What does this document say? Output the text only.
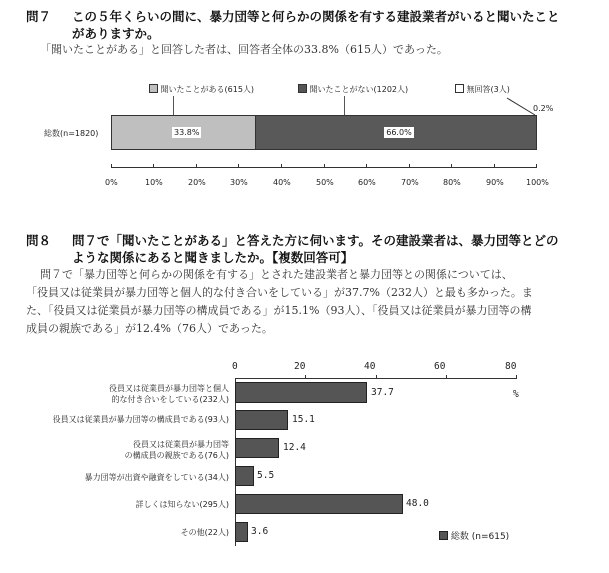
問７ この５年くらいの間に、暴力団等と何らかの関係を有する建設業者がいると聞いたこと
がありますか。
「聞いたことがある」と回答した者は、回答者全体の33.8%（615人）であった。
聞いたことがある(615人)	聞いたことがない(1202人)	無回答(3人)
0.2%
総数(n=1820)	33.8%	66.0%
0%	10%	20%	30%	40%	50%	60%	70%	80%	90%	100%
問８ 問７で「聞いたことがある」と答えた方に伺います。その建設業者は、暴力団等とどの
ような関係にあると聞きましたか。【複数回答可】
問７で「暴力団等と何らかの関係を有する」とされた建設業者と暴力団等との関係については、
「役員又は従業員が暴力団等と個人的な付き合いをしている」が37.7%（232人）と最も多かった。ま
た、「役員又は従業員が暴力団等の構成員である」が15.1%（93人）、「役員又は従業員が暴力団等の構
成員の親族である」が12.4%（76人）であった。
0	20	40	60	80
%
役員又は従業員が暴力団等と個人
的な付き合いをしている(232人)
役員又は従業員が暴力団等の構成員である(93人)
役員又は従業員が暴力団等
の構成員の親族である(76人)
暴力団等が出資や融資をしている(34人)
詳しくは知らない(295人)
その他(22人)
37.7
15.1
12.4
5.5
48.0
3.6	総数 (n=615)
